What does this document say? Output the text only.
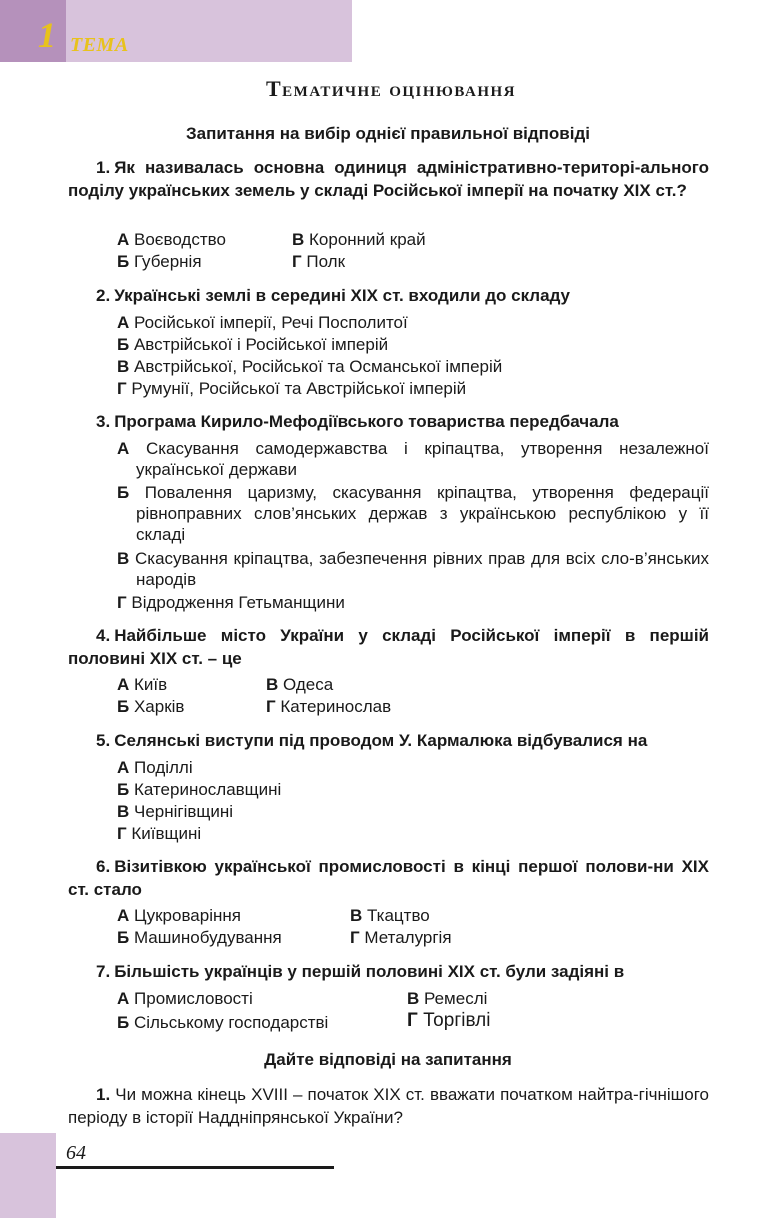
1 ТЕМА
Тематичне оцінювання
Запитання на вибір однієї правильної відповіді
1. Як називалась основна одиниця адміністративно-територі-ального поділу українських земель у складі Російської імперії на початку XIX ст.?
А Воєводство	В Коронний край
Б Губернія	Г Полк
2. Українські землі в середині XIX ст. входили до складу
А Російської імперії, Речі Посполитої
Б Австрійської і Російської імперій
В Австрійської, Російської та Османської імперій
Г Румунії, Російської та Австрійської імперій
3. Програма Кирило-Мефодіївського товариства передбачала
А Скасування самодержавства і кріпацтва, утворення незалежної української держави
Б Повалення царизму, скасування кріпацтва, утворення федерації рівноправних слов’янських держав з українською республікою у її складі
В Скасування кріпацтва, забезпечення рівних прав для всіх сло-в’янських народів
Г Відродження Гетьманщини
4. Найбільше місто України у складі Російської імперії в першій половині XIX ст. – це
А Київ	В Одеса
Б Харків	Г Катеринослав
5. Селянські виступи під проводом У. Кармалюка відбувалися на
А Поділлі
Б Катеринославщині
В Чернігівщині
Г Київщині
6. Візитівкою української промисловості в кінці першої полови-ни XIX ст. стало
А Цукроваріння	В Ткацтво
Б Машинобудування	Г Металургія
7. Більшість українців у першій половині XIX ст. були задіяні в
А Промисловості	В Ремеслі
Б Сільському господарстві	Г Торгівлі
Дайте відповіді на запитання
1. Чи можна кінець XVIII – початок XIX ст. вважати початком найтра-гічнішого періоду в історії Наддніпрянської України?
64
